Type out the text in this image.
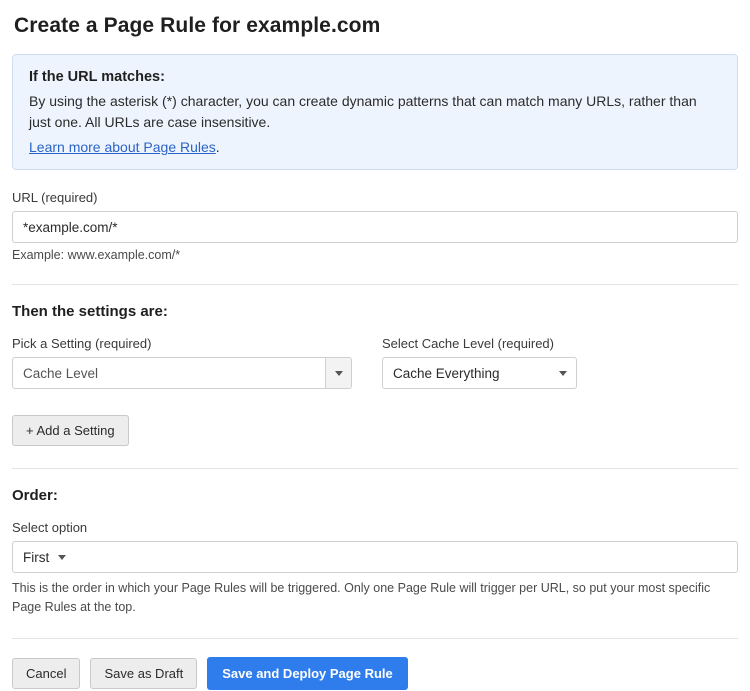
Create a Page Rule for example.com
If the URL matches:
By using the asterisk (*) character, you can create dynamic patterns that can match many URLs, rather than just one. All URLs are case insensitive.
Learn more about Page Rules.
URL (required)
*example.com/*
Example: www.example.com/*
Then the settings are:
Pick a Setting (required)
Cache Level
Select Cache Level (required)
Cache Everything
+ Add a Setting
Order:
Select option
First
This is the order in which your Page Rules will be triggered. Only one Page Rule will trigger per URL, so put your most specific Page Rules at the top.
Cancel	Save as Draft	Save and Deploy Page Rule
